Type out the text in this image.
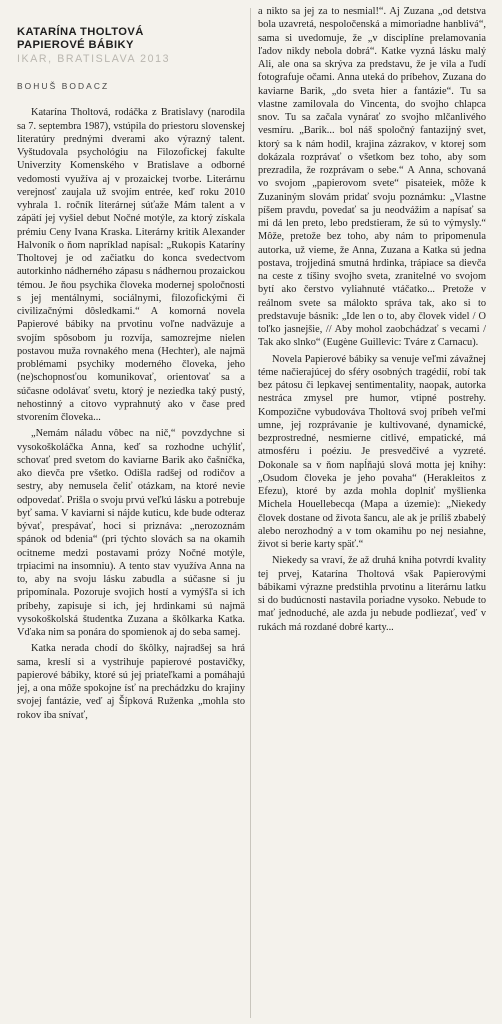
KATARÍNA THOLTOVÁ
PAPIEROVÉ BÁBIKY
IKAR, BRATISLAVA 2013
BOHUŠ BODACZ

Katarína Tholtová, rodáčka z Bratislavy (narodila sa 7. septembra 1987), vstúpila do priestoru slovenskej literatúry prednými dverami ako výrazný talent. Vyštudovala psychológiu na Filozofickej fakulte Univerzity Komenského v Bratislave a odborné vedomosti využíva aj v prozaickej tvorbe. Literárnu verejnosť zaujala už svojím entrée, keď roku 2010 vyhrala 1. ročník literárnej súťaže Mám talent a v zápätí jej vyšiel debut Nočné motýle, za ktorý získala prémiu Ceny Ivana Kraska. Literárny kritik Alexander Halvoník o ňom napríklad napísal: „Rukopis Kataríny Tholtovej je od začiatku do konca svedectvom autorkinho nádherného zápasu s nádhernou prozaickou témou. Je ňou psychika človeka modernej spoločnosti s jej mentálnymi, sociálnymi, filozofickými či civilizačnými dôsledkami.“ A komorná novela Papierové bábiky na prvotinu voľne nadväzuje a svojím spôsobom ju rozvíja, samozrejme nielen postavou muža rovnakého mena (Hechter), ale najmä problémami psychiky moderného človeka, jeho (ne)schopnosťou komunikovať, orientovať sa a súčasne odolávať svetu, ktorý je neziedka taký pustý, nehostinný a citovo vyprahnutý ako v čase pred stvorením človeka...

„Nemám náladu vôbec na nič,“ povzdychne si vysokoškoláčka Anna, keď sa rozhodne uchýliť, schovať pred svetom do kaviarne Barik ako čašníčka, ako dievča pre všetko. Odišla radšej od rodičov a sestry, aby nemusela čeliť otázkam, na ktoré nevie odpovedať. Prišla o svoju prvú veľkú lásku a potrebuje byť sama. V kaviarni si nájde kuticu, kde bude odteraz bývať, prespávať, hoci si priznáva: „nerozoznám spánok od bdenia“ (pri týchto slovách sa na okamih ocitneme medzi postavami prózy Nočné motýle, trpiacimi na insomniu). A tento stav využíva Anna na to, aby na svoju lásku zabudla a súčasne si ju pripomínala. Pozoruje svojich hostí a vymýšľa si ich príbehy, zapisuje si ich, jej hrdinkami sú najmä vysokoškolská študentka Zuzana a škôlkarka Katka. Vďaka nim sa ponára do spomienok aj do seba samej.

Katka nerada chodí do škôlky, najradšej sa hrá sama, kreslí si a vystrihuje papierové postavičky, papierové bábiky, ktoré sú jej priateľkami a pomáhajú jej, a ona môže spokojne ísť na prechádzku do krajiny svojej fantázie, veď aj Šípková Ruženka „mohla sto rokov iba snívať,

a nikto sa jej za to nesmial!“. Aj Zuzana „od detstva bola uzavretá, nespoločenská a mimoriadne hanblivá“, sama si uvedomuje, že „v disciplíne prelamovania ľadov nikdy nebola dobrá“. Katke vyzná lásku malý Ali, ale ona sa skrýva za predstavu, že je vila a ľudí fotografuje očami. Anna uteká do príbehov, Zuzana do kaviarne Barik, „do sveta hier a fantázie“. Tu sa vlastne zamilovala do Vincenta, do svojho chlapca snov. Tu sa začala vynárať zo svojho mlčanlivého vesmíru. „Barik... bol náš spoločný fantazijný svet, ktorý sa k nám hodil, krajina zázrakov, v ktorej som dokázala rozprávať o všetkom bez toho, aby som prezradila, že rozprávam o sebe.“ A Anna, schovaná vo svojom „papierovom svete“ pisateiek, môže k Zuzaniným slovám pridať svoju poznámku: „Vlastne píšem pravdu, povedať sa ju neodvážim a napísať sa mi dá len preto, lebo predstieram, že sú to výmysly.“ Môže, pretože bez toho, aby nám to pripomenula autorka, už vieme, že Anna, Zuzana a Katka sú jedna postava, trojjediná smutná hrdinka, trápiace sa dievča na ceste z tíšiny svojho sveta, zranitelné vo svojom bytí ako čerstvo vyliahnuté vtáčatko... Pretože v reálnom svete sa málokto správa tak, ako si to predstavuje básnik: „Ide len o to, aby človek videl / O toľko jasnejšie, // Aby mohol zaobchádzať s vecami / Tak ako slnko“ (Eugène Guillevic: Tváre z Carnacu).

Novela Papierové bábiky sa venuje veľmi závažnej téme načierajúcej do sféry osobných tragédií, robí tak bez pátosu či lepkavej sentimentality, naopak, autorka nestráca zmysel pre humor, vtipné postrehy. Kompozične vybudováva Tholtová svoj príbeh veľmi umne, jej rozprávanie je kultivované, dynamické, bezprostredné, nesmierne citlivé, empatické, má atmosféru i poéziu. Je presvedčivé a vyzreté. Dokonale sa v ňom napĺňajú slová motta jej knihy: „Osudom človeka je jeho povaha“ (Herakleitos z Efezu), ktoré by azda mohla doplniť myšlienka Michela Houellebecqa (Mapa a územie): „Niekedy človek dostane od života šancu, ale ak je príliš zbabelý alebo nerozhodný a v tom okamihu po nej nesiahne, život si berie karty späť.“

Niekedy sa vraví, že až druhá kniha potvrdí kvality tej prvej, Katarína Tholtová však Papierovými bábikami výrazne predstihla prvotinu a literárnu latku si do budúcnosti nastavila poriadne vysoko. Nebude to mať jednoduché, ale azda ju nebude podliezať, veď v rukách má rozdané dobré karty...
